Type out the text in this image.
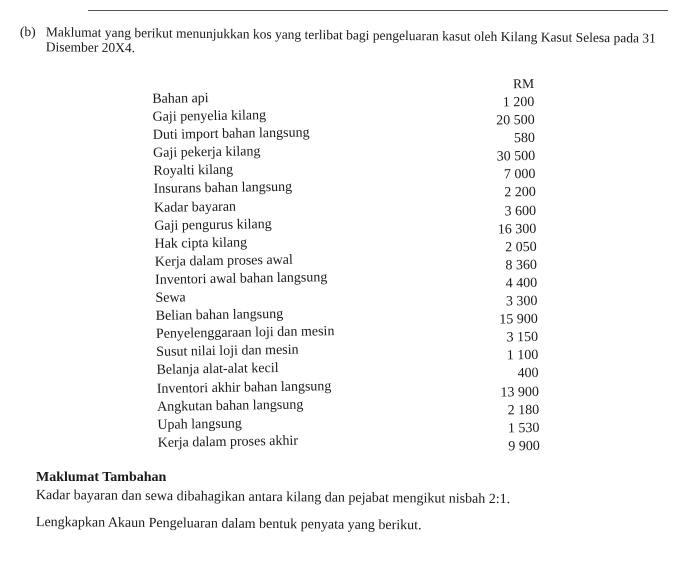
(b) Maklumat yang berikut menunjukkan kos yang terlibat bagi pengeluaran kasut oleh Kilang Kasut Selesa pada 31 Disember 20X4.
RM
Bahan api	1 200
Gaji penyelia kilang	20 500
Duti import bahan langsung	580
Gaji pekerja kilang	30 500
Royalti kilang	7 000
Insurans bahan langsung	2 200
Kadar bayaran	3 600
Gaji pengurus kilang	16 300
Hak cipta kilang	2 050
Kerja dalam proses awal	8 360
Inventori awal bahan langsung	4 400
Sewa	3 300
Belian bahan langsung	15 900
Penyelenggaraan loji dan mesin	3 150
Susut nilai loji dan mesin	1 100
Belanja alat-alat kecil	400
Inventori akhir bahan langsung	13 900
Angkutan bahan langsung	2 180
Upah langsung	1 530
Kerja dalam proses akhir	9 900
Maklumat Tambahan
Kadar bayaran dan sewa dibahagikan antara kilang dan pejabat mengikut nisbah 2:1.
Lengkapkan Akaun Pengeluaran dalam bentuk penyata yang berikut.
